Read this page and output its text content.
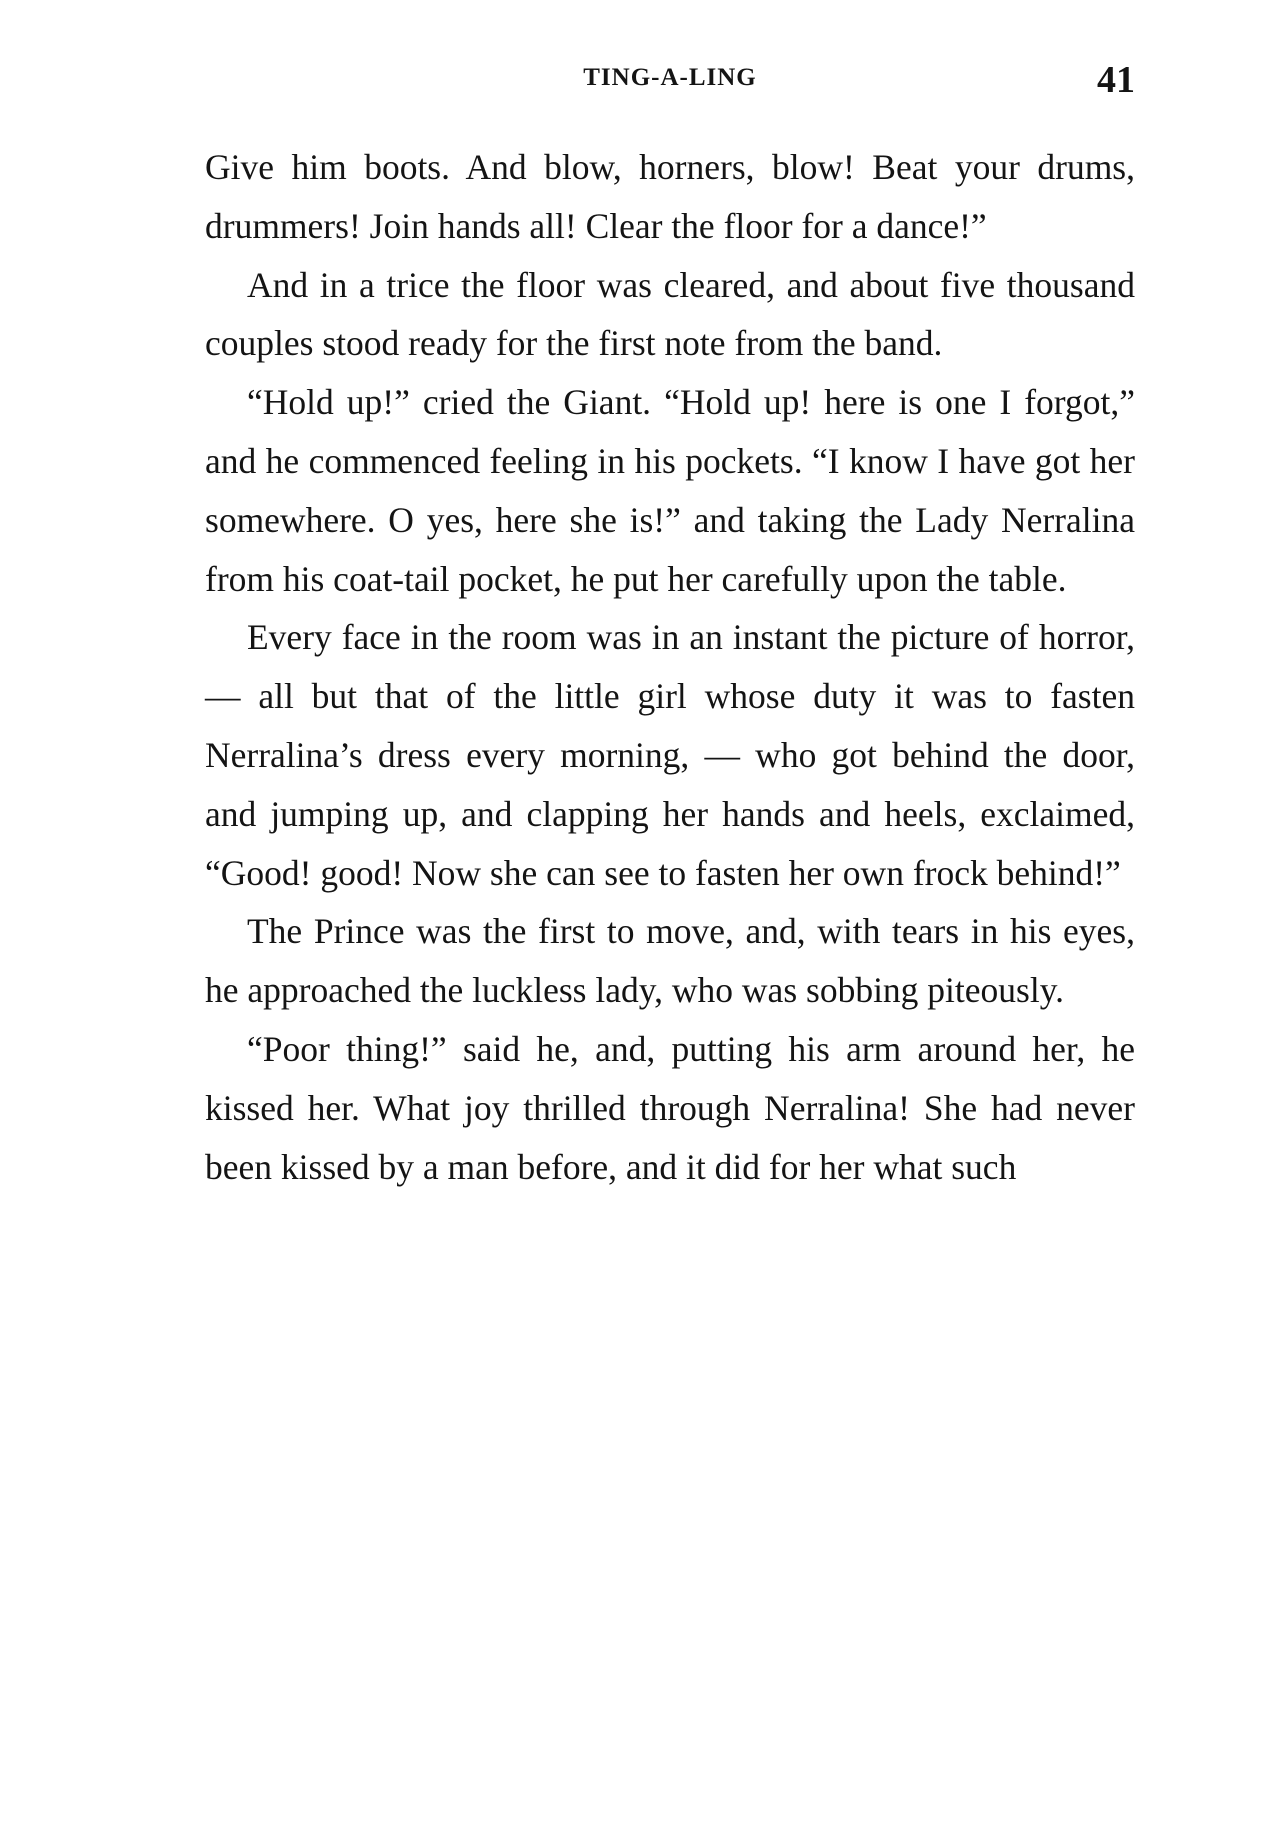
TING-A-LING	41

Give him boots. And blow, horners, blow! Beat your drums, drummers! Join hands all! Clear the floor for a dance!”

And in a trice the floor was cleared, and about five thousand couples stood ready for the first note from the band.

“Hold up!” cried the Giant. “Hold up! here is one I forgot,” and he commenced feeling in his pockets. “I know I have got her somewhere. O yes, here she is!” and taking the Lady Nerralina from his coat-tail pocket, he put her carefully upon the table.

Every face in the room was in an instant the picture of horror, — all but that of the little girl whose duty it was to fasten Nerralina’s dress every morning, — who got behind the door, and jumping up, and clapping her hands and heels, exclaimed, “Good! good! Now she can see to fasten her own frock behind!”

The Prince was the first to move, and, with tears in his eyes, he approached the luckless lady, who was sobbing piteously.

“Poor thing!” said he, and, putting his arm around her, he kissed her. What joy thrilled through Nerralina! She had never been kissed by a man before, and it did for her what such
